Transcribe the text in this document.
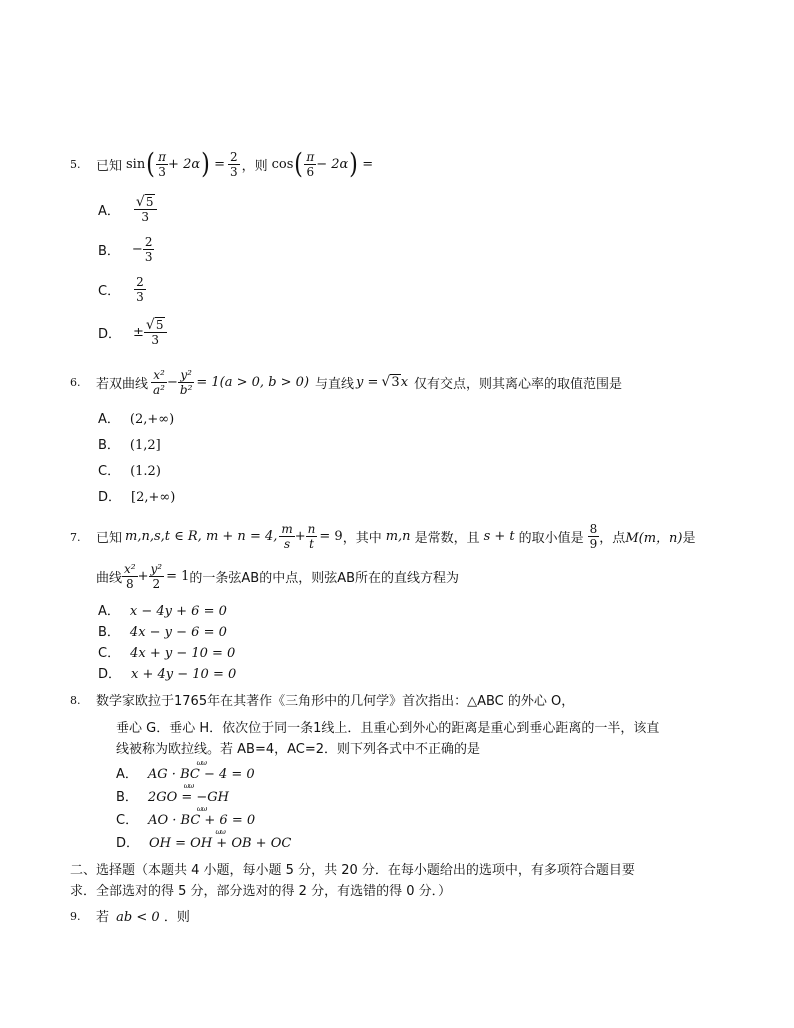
5. 已知 sin ( $\frac{\pi}{3} + 2\alpha$ ) = $\frac{2}{3}$ ，则 cos ( $\frac{\pi}{6} - 2\alpha$ ) =
A． $\frac{√ 5}{3}$
B． − $\frac{2}{3}$
C． $\frac{2}{3}$
D． ± $\frac{√ 5}{3}$
6. 若双曲线 $\frac{\text{x²}}{\text{a²}} - \frac{\text{y²}}{\text{b²}} = 1(a > 0$, b > 0) 与直线 y = √ 3 x 仅有交点，则其离心率的取值范围是
A． (2,+∞)
B． (1,2]
C． (1.2)
D． [2,+∞)
7. 已知 m,n,s,t ∈ R, m + n = 4, $\frac{m}{s} + \frac{n}{t} = 9$ ，其中 m,n 是常数，且 s + t 的取小值是 $\frac{8}{9}$ ，点 M(m，n) 是
曲线 $\frac{\text{x²}}{8} + \frac{\text{y²}}{2} = 1$ 的一条弦AB的中点，则弦AB所在的直线方程为
A． x − 4y + 6 = 0
B． 4x − y − 6 = 0
C． 4x + y − 10 = 0
D． x + 4y − 10 = 0
8. 数学家欧拉于1765年在其著作《三角形中的几何学》首次指出：△ABC 的外心 O，
垂心 G．垂心 H．依次位于同一条1线上．且重心到外心的距离是重心到垂心距离的一半，该直
线被称为欧拉线。若 AB=4，AC=2．则下列各式中不正确的是
A．
ωω
AG · BC − 4 = 0
B．
ωω
2GO = −GH
C．
ωω
AO · BC + 6 = 0
D．
ωω
OH = OH + OB + OC
二、选择题（本题共 4 小题，每小题 5 分，共 20 分．在每小题给出的选项中，有多项符合题目要
求．全部选对的得 5 分，部分选对的得 2 分，有选错的得 0 分．）
9. 若 ab < 0 ．则
